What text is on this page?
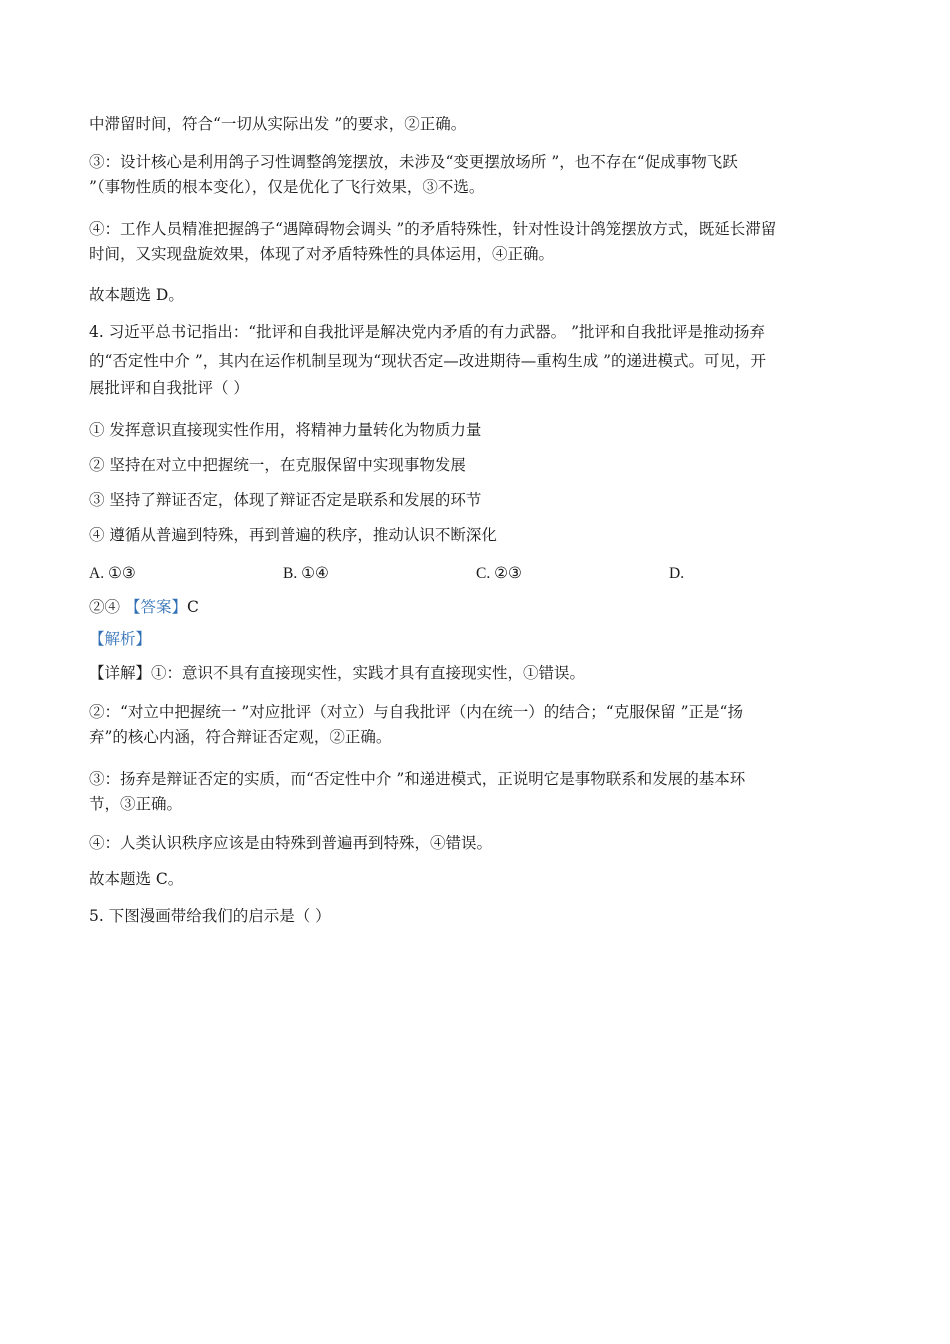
中滞留时间，符合“一切从实际出发 ”的要求，②正确。

③：设计核心是利用鸽子习性调整鸽笼摆放，未涉及“变更摆放场所 ”，也不存在“促成事物飞跃

”（事物性质的根本变化），仅是优化了飞行效果，③不选。

④：工作人员精准把握鸽子“遇障碍物会调头 ”的矛盾特殊性，针对性设计鸽笼摆放方式，既延长滞留

时间，又实现盘旋效果，体现了对矛盾特殊性的具体运用，④正确。

故本题选 D。

4. 习近平总书记指出：“批评和自我批评是解决党内矛盾的有力武器。 ”批评和自我批评是推动扬弃

的“否定性中介 ”，其内在运作机制呈现为“现状否定—改进期待—重构生成 ”的递进模式。可见，开

展批评和自我批评（ ）

① 发挥意识直接现实性作用，将精神力量转化为物质力量

② 坚持在对立中把握统一，在克服保留中实现事物发展

③ 坚持了辩证否定，体现了辩证否定是联系和发展的环节

④ 遵循从普遍到特殊，再到普遍的秩序，推动认识不断深化

A. ①③	B. ①④	C. ②③	D.

②④ 【答案】C

【解析】

【详解】①：意识不具有直接现实性，实践才具有直接现实性，①错误。

②：“对立中把握统一 ”对应批评（对立）与自我批评（内在统一）的结合；“克服保留 ”正是“扬

弃”的核心内涵，符合辩证否定观，②正确。

③：扬弃是辩证否定的实质，而“否定性中介 ”和递进模式，正说明它是事物联系和发展的基本环

节，③正确。

④：人类认识秩序应该是由特殊到普遍再到特殊，④错误。

故本题选 C。

5. 下图漫画带给我们的启示是（ ）
